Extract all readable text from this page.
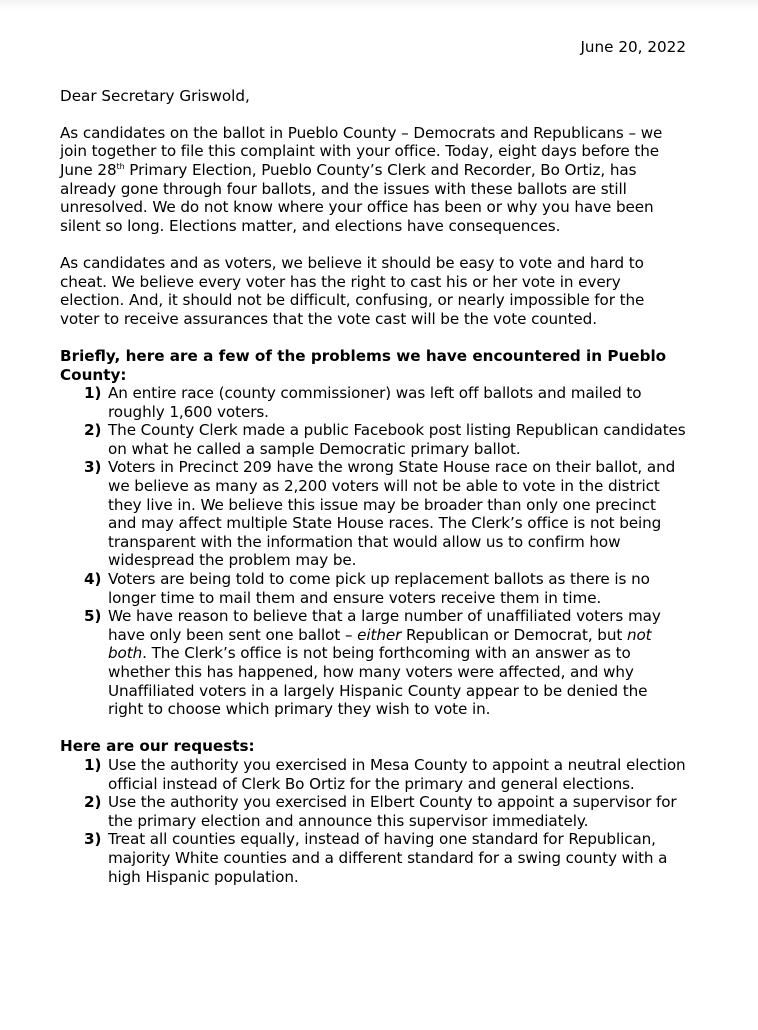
June 20, 2022

Dear Secretary Griswold,

As candidates on the ballot in Pueblo County – Democrats and Republicans – we join together to file this complaint with your office. Today, eight days before the June 28th Primary Election, Pueblo County’s Clerk and Recorder, Bo Ortiz, has already gone through four ballots, and the issues with these ballots are still unresolved. We do not know where your office has been or why you have been silent so long. Elections matter, and elections have consequences.

As candidates and as voters, we believe it should be easy to vote and hard to cheat. We believe every voter has the right to cast his or her vote in every election. And, it should not be difficult, confusing, or nearly impossible for the voter to receive assurances that the vote cast will be the vote counted.

Briefly, here are a few of the problems we have encountered in Pueblo County:

1) An entire race (county commissioner) was left off ballots and mailed to roughly 1,600 voters.
2) The County Clerk made a public Facebook post listing Republican candidates on what he called a sample Democratic primary ballot.
3) Voters in Precinct 209 have the wrong State House race on their ballot, and we believe as many as 2,200 voters will not be able to vote in the district they live in. We believe this issue may be broader than only one precinct and may affect multiple State House races. The Clerk’s office is not being transparent with the information that would allow us to confirm how widespread the problem may be.
4) Voters are being told to come pick up replacement ballots as there is no longer time to mail them and ensure voters receive them in time.
5) We have reason to believe that a large number of unaffiliated voters may have only been sent one ballot – either Republican or Democrat, but not both. The Clerk’s office is not being forthcoming with an answer as to whether this has happened, how many voters were affected, and why Unaffiliated voters in a largely Hispanic County appear to be denied the right to choose which primary they wish to vote in.

Here are our requests:

1) Use the authority you exercised in Mesa County to appoint a neutral election official instead of Clerk Bo Ortiz for the primary and general elections.
2) Use the authority you exercised in Elbert County to appoint a supervisor for the primary election and announce this supervisor immediately.
3) Treat all counties equally, instead of having one standard for Republican, majority White counties and a different standard for a swing county with a high Hispanic population.
